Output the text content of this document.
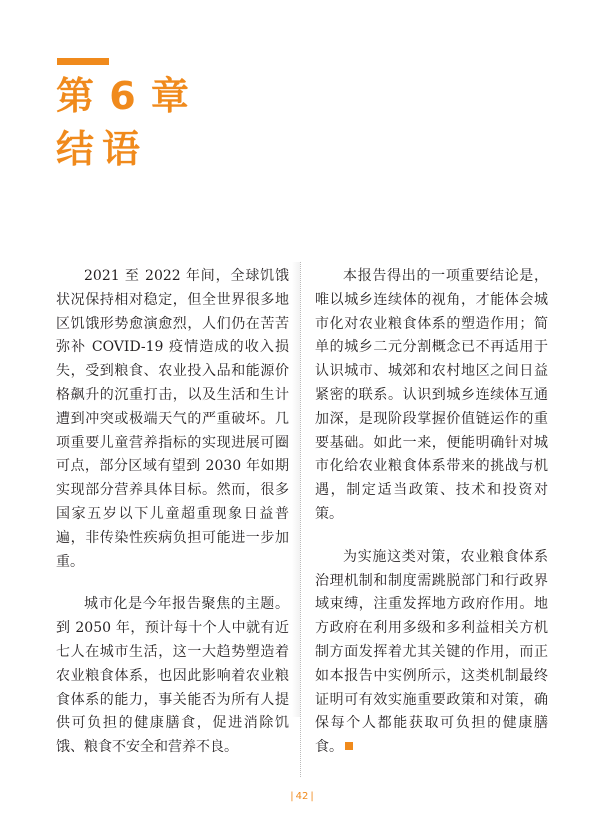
第 6 章
结语

2021 至 2022 年间，全球饥饿状况保持相对稳定，但全世界很多地区饥饿形势愈演愈烈，人们仍在苦苦弥补 COVID-19 疫情造成的收入损失，受到粮食、农业投入品和能源价格飙升的沉重打击，以及生活和生计遭到冲突或极端天气的严重破坏。几项重要儿童营养指标的实现进展可圈可点，部分区域有望到 2030 年如期实现部分营养具体目标。然而，很多国家五岁以下儿童超重现象日益普遍，非传染性疾病负担可能进一步加重。

城市化是今年报告聚焦的主题。到 2050 年，预计每十个人中就有近七人在城市生活，这一大趋势塑造着农业粮食体系，也因此影响着农业粮食体系的能力，事关能否为所有人提供可负担的健康膳食，促进消除饥饿、粮食不安全和营养不良。

本报告得出的一项重要结论是，唯以城乡连续体的视角，才能体会城市化对农业粮食体系的塑造作用；简单的城乡二元分割概念已不再适用于认识城市、城郊和农村地区之间日益紧密的联系。认识到城乡连续体互通加深，是现阶段掌握价值链运作的重要基础。如此一来，便能明确针对城市化给农业粮食体系带来的挑战与机遇，制定适当政策、技术和投资对策。

为实施这类对策，农业粮食体系治理机制和制度需跳脱部门和行政界域束缚，注重发挥地方政府作用。地方政府在利用多级和多利益相关方机制方面发挥着尤其关键的作用，而正如本报告中实例所示，这类机制最终证明可有效实施重要政策和对策，确保每个人都能获取可负担的健康膳食。

| 42 |
